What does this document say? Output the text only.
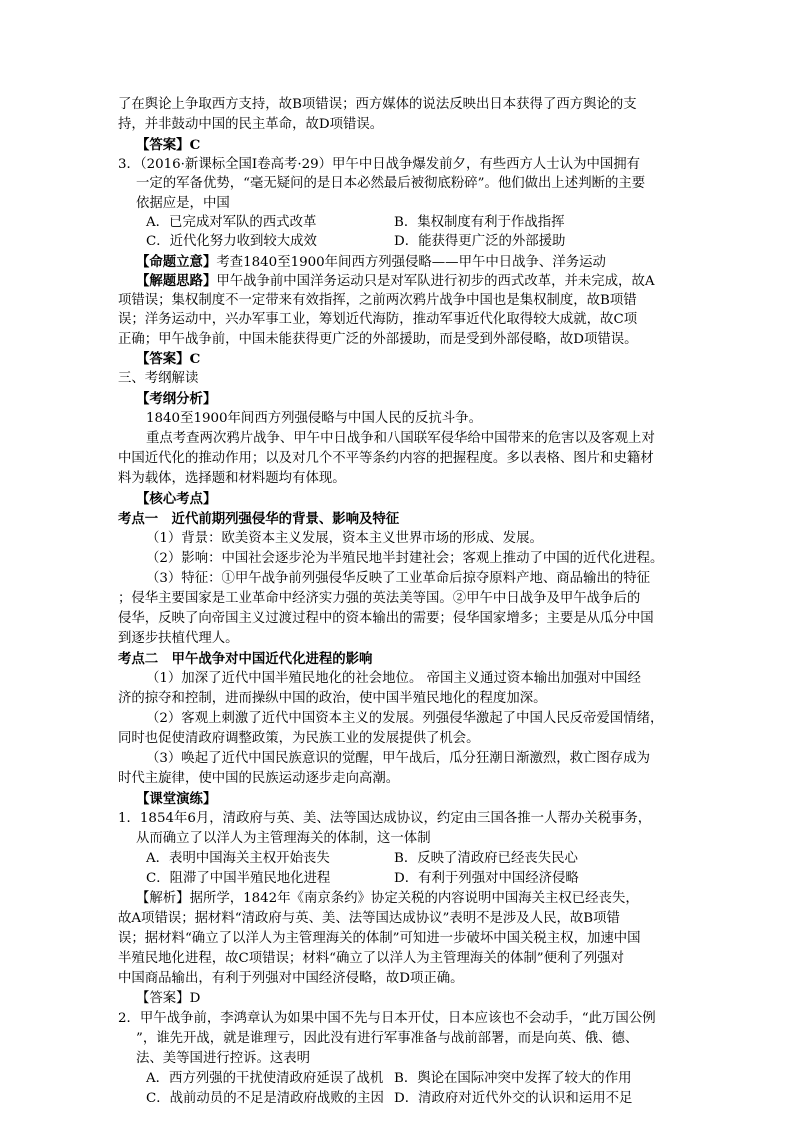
了在舆论上争取西方支持，故B项错误；西方媒体的说法反映出日本获得了西方舆论的支
持，并非鼓动中国的民主革命，故D项错误。
【答案】C
3．（2016·新课标全国Ⅰ卷高考·29）甲午中日战争爆发前夕，有些西方人士认为中国拥有
一定的军备优势，“毫无疑问的是日本必然最后被彻底粉碎”。他们做出上述判断的主要
依据应是，中国
A．已完成对军队的西式改革	B．集权制度有利于作战指挥
C．近代化努力收到较大成效	D．能获得更广泛的外部援助
【命题立意】考查1840至1900年间西方列强侵略——甲午中日战争、洋务运动
【解题思路】甲午战争前中国洋务运动只是对军队进行初步的西式改革，并未完成，故A
项错误；集权制度不一定带来有效指挥，之前两次鸦片战争中国也是集权制度，故B项错
误；洋务运动中，兴办军事工业，筹划近代海防，推动军事近代化取得较大成就，故C项
正确；甲午战争前，中国未能获得更广泛的外部援助，而是受到外部侵略，故D项错误。
【答案】C
三、考纲解读
【考纲分析】
1840至1900年间西方列强侵略与中国人民的反抗斗争。
重点考查两次鸦片战争、甲午中日战争和八国联军侵华给中国带来的危害以及客观上对
中国近代化的推动作用；以及对几个不平等条约内容的把握程度。多以表格、图片和史籍材
料为载体，选择题和材料题均有体现。
【核心考点】
考点一　近代前期列强侵华的背景、影响及特征
（1）背景：欧美资本主义发展，资本主义世界市场的形成、发展。
（2）影响：中国社会逐步沦为半殖民地半封建社会；客观上推动了中国的近代化进程。
（3）特征：①甲午战争前列强侵华反映了工业革命后掠夺原料产地、商品输出的特征
；侵华主要国家是工业革命中经济实力强的英法美等国。②甲午中日战争及甲午战争后的
侵华，反映了向帝国主义过渡过程中的资本输出的需要；侵华国家增多；主要是从瓜分中国
到逐步扶植代理人。
考点二　甲午战争对中国近代化进程的影响
（1）加深了近代中国半殖民地化的社会地位。 帝国主义通过资本输出加强对中国经
济的掠夺和控制，进而操纵中国的政治，使中国半殖民地化的程度加深。
（2）客观上刺激了近代中国资本主义的发展。列强侵华激起了中国人民反帝爱国情绪，
同时也促使清政府调整政策，为民族工业的发展提供了机会。
（3）唤起了近代中国民族意识的觉醒，甲午战后，瓜分狂潮日渐激烈，救亡图存成为
时代主旋律，使中国的民族运动逐步走向高潮。
【课堂演练】
1．1854年6月，清政府与英、美、法等国达成协议，约定由三国各推一人帮办关税事务，
从而确立了以洋人为主管理海关的体制，这一体制
A．表明中国海关主权开始丧失	B．反映了清政府已经丧失民心
C．阻滞了中国半殖民地化进程	D．有利于列强对中国经济侵略
【解析】据所学，1842年《南京条约》协定关税的内容说明中国海关主权已经丧失，
故A项错误；据材料“清政府与英、美、法等国达成协议”表明不是涉及人民，故B项错
误；据材料“确立了以洋人为主管理海关的体制”可知进一步破坏中国关税主权，加速中国
半殖民地化进程，故C项错误；材料“确立了以洋人为主管理海关的体制”便利了列强对
中国商品输出，有利于列强对中国经济侵略，故D项正确。
【答案】D
2．甲午战争前，李鸿章认为如果中国不先与日本开仗，日本应该也不会动手，“此万国公例
”，谁先开战，就是谁理亏，因此没有进行军事准备与战前部署，而是向英、俄、德、
法、美等国进行控诉。这表明
A．西方列强的干扰使清政府延误了战机 B．舆论在国际冲突中发挥了较大的作用
C．战前动员的不足是清政府战败的主因 D．清政府对近代外交的认识和运用不足
